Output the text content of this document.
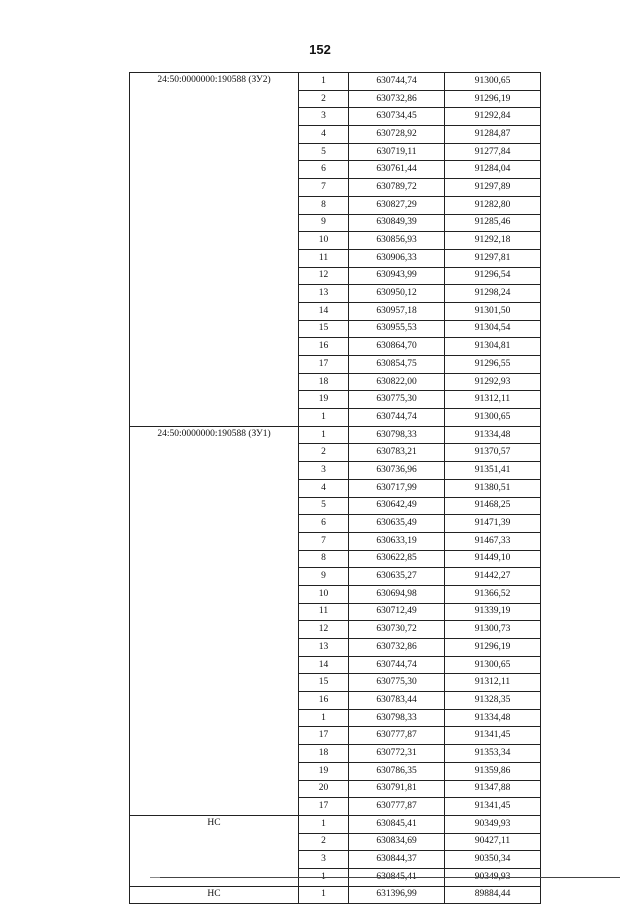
152
24:50:0000000:190588 (ЗУ2)	1	630744,74	91300,65
	2	630732,86	91296,19
	3	630734,45	91292,84
	4	630728,92	91284,87
	5	630719,11	91277,84
	6	630761,44	91284,04
	7	630789,72	91297,89
	8	630827,29	91282,80
	9	630849,39	91285,46
	10	630856,93	91292,18
	11	630906,33	91297,81
	12	630943,99	91296,54
	13	630950,12	91298,24
	14	630957,18	91301,50
	15	630955,53	91304,54
	16	630864,70	91304,81
	17	630854,75	91296,55
	18	630822,00	91292,93
	19	630775,30	91312,11
	1	630744,74	91300,65
24:50:0000000:190588 (ЗУ1)	1	630798,33	91334,48
	2	630783,21	91370,57
	3	630736,96	91351,41
	4	630717,99	91380,51
	5	630642,49	91468,25
	6	630635,49	91471,39
	7	630633,19	91467,33
	8	630622,85	91449,10
	9	630635,27	91442,27
	10	630694,98	91366,52
	11	630712,49	91339,19
	12	630730,72	91300,73
	13	630732,86	91296,19
	14	630744,74	91300,65
	15	630775,30	91312,11
	16	630783,44	91328,35
	1	630798,33	91334,48
	17	630777,87	91341,45
	18	630772,31	91353,34
	19	630786,35	91359,86
	20	630791,81	91347,88
	17	630777,87	91341,45
НС	1	630845,41	90349,93
	2	630834,69	90427,11
	3	630844,37	90350,34
	1	630845,41	90349,93
НС	1	631396,99	89884,44
